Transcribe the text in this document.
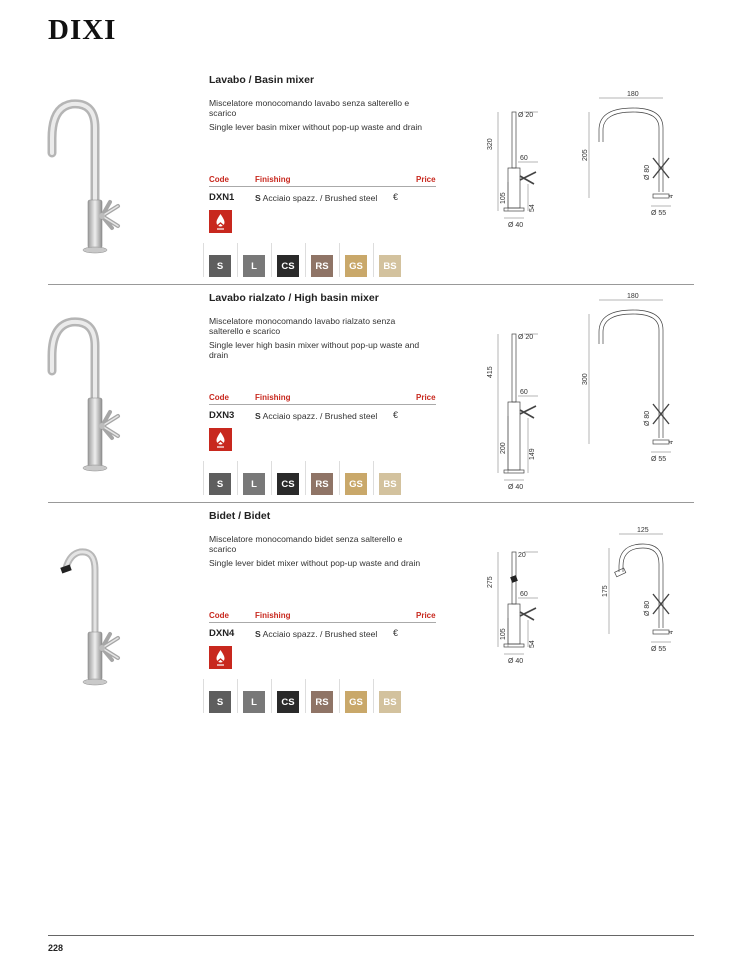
DIXI
Lavabo / Basin mixer
Miscelatore monocomando lavabo senza salterello e scarico
Single lever basin mixer without pop-up waste and drain
Code	Finishing	Price
DXN1 S Acciaio spazz. / Brushed steel €
S	L	CS	RS	GS	BS
Ø 20
320
60
105
54
Ø 40
180
205
Ø 80
4
Ø 55
Lavabo rialzato / High basin mixer
Miscelatore monocomando lavabo rialzato senza salterello e scarico
Single lever high basin mixer without pop-up waste and drain
Code	Finishing	Price
DXN3 S Acciaio spazz. / Brushed steel €
S	L	CS	RS	GS	BS
Ø 20
415
60
200
149
Ø 40
180
300
Ø 80
4
Ø 55
Bidet / Bidet
Miscelatore monocomando bidet senza salterello e scarico
Single lever bidet mixer without pop-up waste and drain
Code	Finishing	Price
DXN4 S Acciaio spazz. / Brushed steel €
S	L	CS	RS	GS	BS
20
275
60
105
54
Ø 40
125
175
Ø 80
4
Ø 55
228
